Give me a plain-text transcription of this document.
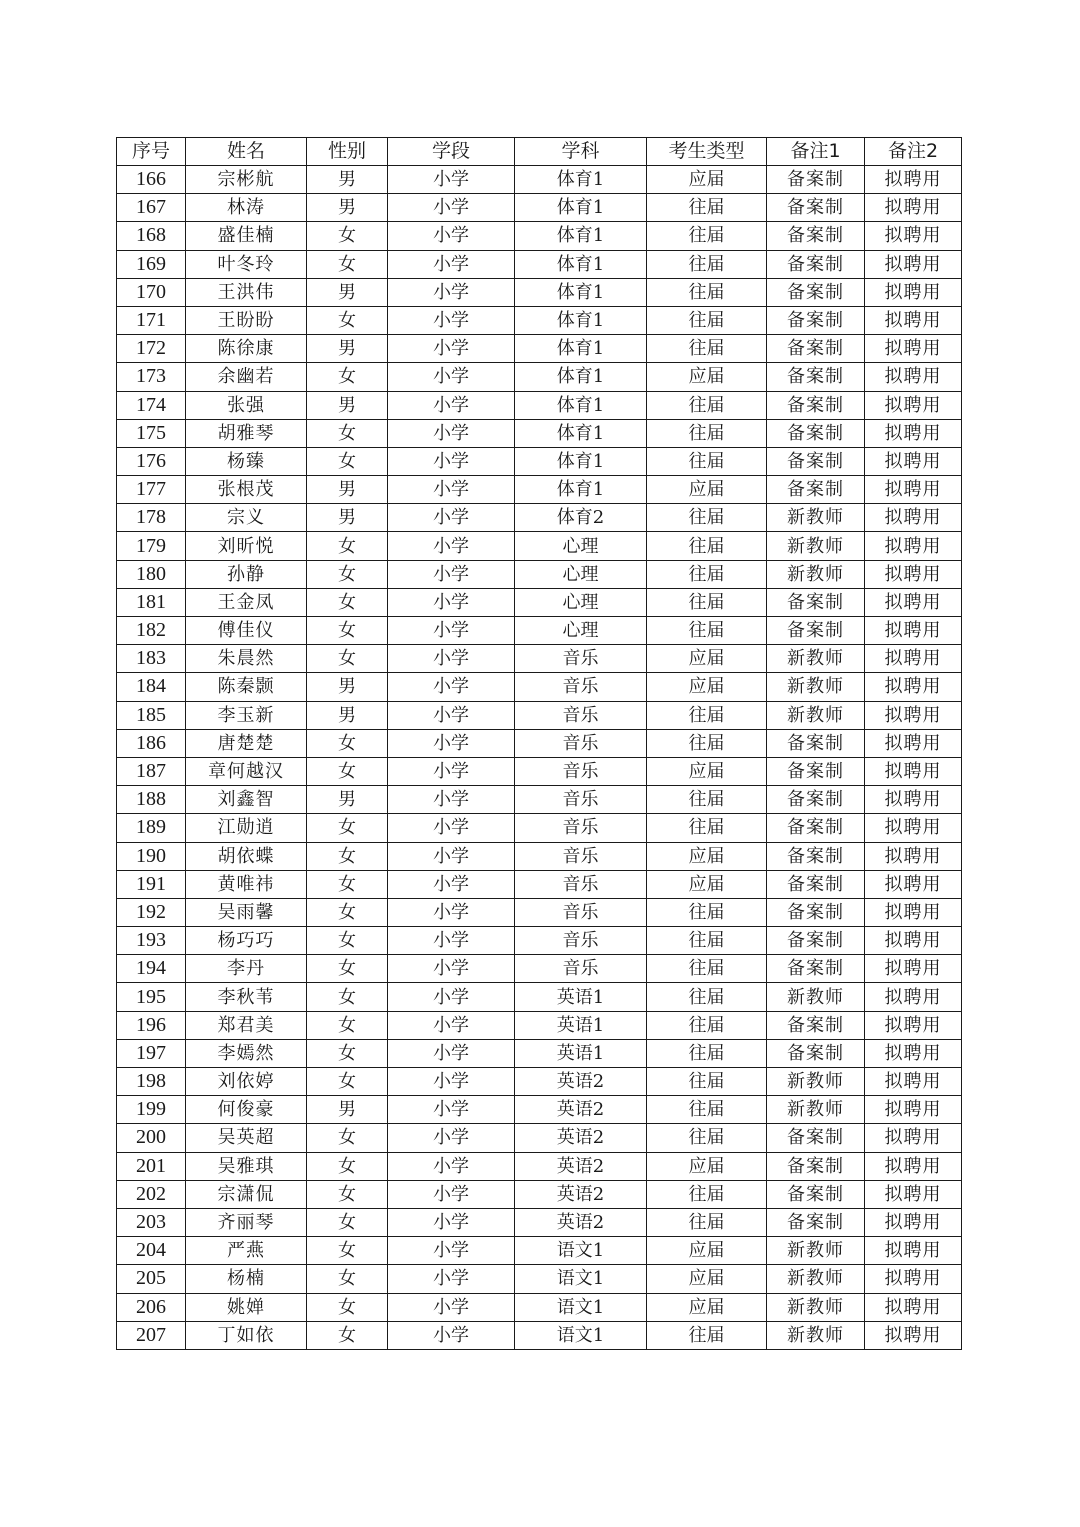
序号	姓名	性别	学段	学科	考生类型	备注1	备注2
166	宗彬航	男	小学	体育1	应届	备案制	拟聘用
167	林涛	男	小学	体育1	往届	备案制	拟聘用
168	盛佳楠	女	小学	体育1	往届	备案制	拟聘用
169	叶冬玲	女	小学	体育1	往届	备案制	拟聘用
170	王洪伟	男	小学	体育1	往届	备案制	拟聘用
171	王盼盼	女	小学	体育1	往届	备案制	拟聘用
172	陈徐康	男	小学	体育1	往届	备案制	拟聘用
173	余幽若	女	小学	体育1	应届	备案制	拟聘用
174	张强	男	小学	体育1	往届	备案制	拟聘用
175	胡雅琴	女	小学	体育1	往届	备案制	拟聘用
176	杨臻	女	小学	体育1	往届	备案制	拟聘用
177	张根茂	男	小学	体育1	应届	备案制	拟聘用
178	宗义	男	小学	体育2	往届	新教师	拟聘用
179	刘昕悦	女	小学	心理	往届	新教师	拟聘用
180	孙静	女	小学	心理	往届	新教师	拟聘用
181	王金凤	女	小学	心理	往届	备案制	拟聘用
182	傅佳仪	女	小学	心理	往届	备案制	拟聘用
183	朱晨然	女	小学	音乐	应届	新教师	拟聘用
184	陈秦颢	男	小学	音乐	应届	新教师	拟聘用
185	李玉新	男	小学	音乐	往届	新教师	拟聘用
186	唐楚楚	女	小学	音乐	往届	备案制	拟聘用
187	章何越汉	女	小学	音乐	应届	备案制	拟聘用
188	刘鑫智	男	小学	音乐	往届	备案制	拟聘用
189	江勋逍	女	小学	音乐	往届	备案制	拟聘用
190	胡依蝶	女	小学	音乐	应届	备案制	拟聘用
191	黄唯祎	女	小学	音乐	应届	备案制	拟聘用
192	吴雨馨	女	小学	音乐	往届	备案制	拟聘用
193	杨巧巧	女	小学	音乐	往届	备案制	拟聘用
194	李丹	女	小学	音乐	往届	备案制	拟聘用
195	李秋苇	女	小学	英语1	往届	新教师	拟聘用
196	郑君美	女	小学	英语1	往届	备案制	拟聘用
197	李嫣然	女	小学	英语1	往届	备案制	拟聘用
198	刘依婷	女	小学	英语2	往届	新教师	拟聘用
199	何俊豪	男	小学	英语2	往届	新教师	拟聘用
200	吴英超	女	小学	英语2	往届	备案制	拟聘用
201	吴雅琪	女	小学	英语2	应届	备案制	拟聘用
202	宗潇侃	女	小学	英语2	往届	备案制	拟聘用
203	齐丽琴	女	小学	英语2	往届	备案制	拟聘用
204	严燕	女	小学	语文1	应届	新教师	拟聘用
205	杨楠	女	小学	语文1	应届	新教师	拟聘用
206	姚婵	女	小学	语文1	应届	新教师	拟聘用
207	丁如依	女	小学	语文1	往届	新教师	拟聘用
